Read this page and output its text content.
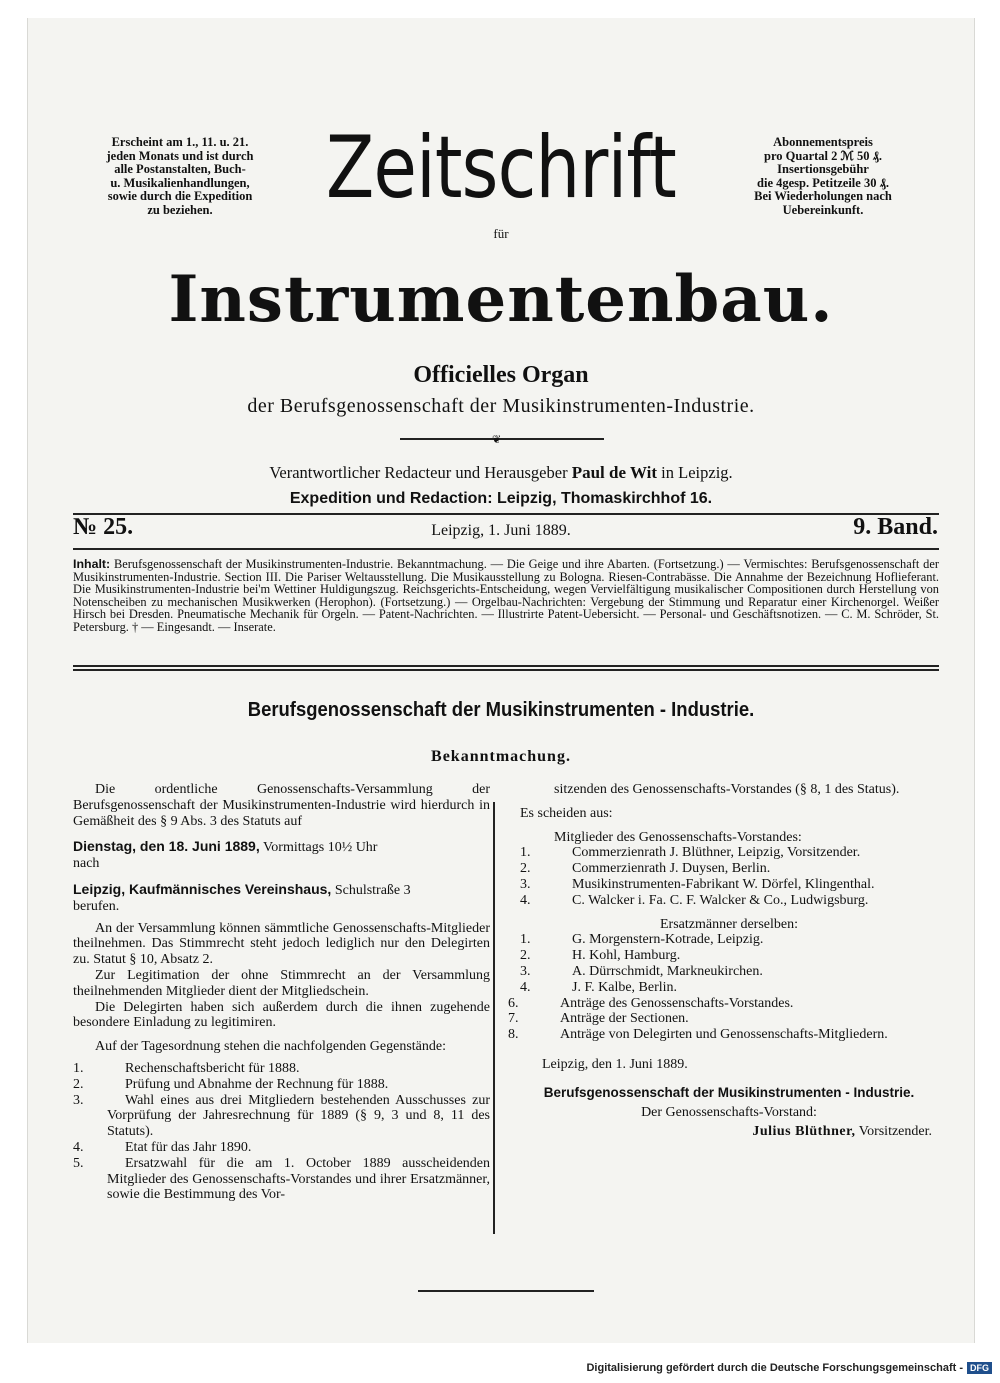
Erscheint am 1., 11. u. 21.
jeden Monats und ist durch
alle Postanstalten, Buch-
u. Musikalienhandlungen,
sowie durch die Expedition
zu beziehen.
Abonnementspreis
pro Quartal 2 ℳ 50 ₰.
Insertionsgebühr
die 4gesp. Petitzeile 30 ₰.
Bei Wiederholungen nach
Uebereinkunft.
Zeitschrift
für
Instrumentenbau.
Officielles Organ
der Berufsgenossenschaft der Musikinstrumenten-Industrie.
❦
Verantwortlicher Redacteur und Herausgeber Paul de Wit in Leipzig.
Expedition und Redaction: Leipzig, Thomaskirchhof 16.
№ 25.	Leipzig, 1. Juni 1889.	9. Band.
Inhalt: Berufsgenossenschaft der Musikinstrumenten-Industrie. Bekanntmachung. — Die Geige und ihre Abarten. (Fortsetzung.) — Vermischtes: Berufsgenossenschaft der Musikinstrumenten-Industrie. Section III. Die Pariser Weltausstellung. Die Musikausstellung zu Bologna. Riesen-Contrabässe. Die Annahme der Bezeichnung Hoflieferant. Die Musikinstrumenten-Industrie bei'm Wettiner Huldigungszug. Reichsgerichts-Entscheidung, wegen Vervielfältigung musikalischer Compositionen durch Herstellung von Notenscheiben zu mechanischen Musikwerken (Herophon). (Fortsetzung.) — Orgelbau-Nachrichten: Vergebung der Stimmung und Reparatur einer Kirchenorgel. Weißer Hirsch bei Dresden. Pneumatische Mechanik für Orgeln. — Patent-Nachrichten. — Illustrirte Patent-Uebersicht. — Personal- und Geschäftsnotizen. — C. M. Schröder, St. Petersburg. † — Eingesandt. — Inserate.
Berufsgenossenschaft der Musikinstrumenten - Industrie.
Bekanntmachung.

Die ordentliche Genossenschafts-Versammlung der Berufsgenossenschaft der Musikinstrumenten-Industrie wird hierdurch in Gemäßheit des § 9 Abs. 3 des Statuts auf

Dienstag, den 18. Juni 1889, Vormittags 10½ Uhr

nach

Leipzig, Kaufmännisches Vereinshaus, Schulstraße 3

berufen.

An der Versammlung können sämmtliche Genossenschafts-Mitglieder theilnehmen. Das Stimmrecht steht jedoch lediglich nur den Delegirten zu. Statut § 10, Absatz 2.

Zur Legitimation der ohne Stimmrecht an der Versammlung theilnehmenden Mitglieder dient der Mitgliedschein.

Die Delegirten haben sich außerdem durch die ihnen zugehende besondere Einladung zu legitimiren.

Auf der Tagesordnung stehen die nachfolgenden Gegenstände:

1.	Rechenschaftsbericht für 1888.

2.	Prüfung und Abnahme der Rechnung für 1888.

3.	Wahl eines aus drei Mitgliedern bestehenden Ausschusses zur Vorprüfung der Jahresrechnung für 1889 (§ 9, 3 und 8, 11 des Statuts).

4.	Etat für das Jahr 1890.

5.	Ersatzwahl für die am 1. October 1889 ausscheidenden Mitglieder des Genossenschafts-Vorstandes und ihrer Ersatzmänner, sowie die Bestimmung des Vor-

sitzenden des Genossenschafts-Vorstandes (§ 8, 1 des Status).

Es scheiden aus:

Mitglieder des Genossenschafts-Vorstandes:

1.	Commerzienrath J. Blüthner, Leipzig, Vorsitzender.

2.	Commerzienrath J. Duysen, Berlin.

3.	Musikinstrumenten-Fabrikant W. Dörfel, Klingenthal.

4.	C. Walcker i. Fa. C. F. Walcker & Co., Ludwigsburg.

Ersatzmänner derselben:

1.	G. Morgenstern-Kotrade, Leipzig.

2.	H. Kohl, Hamburg.

3.	A. Dürrschmidt, Markneukirchen.

4.	J. F. Kalbe, Berlin.

6.	Anträge des Genossenschafts-Vorstandes.

7.	Anträge der Sectionen.

8.	Anträge von Delegirten und Genossenschafts-Mitgliedern.

Leipzig, den 1. Juni 1889.

Berufsgenossenschaft der Musikinstrumenten - Industrie.

Der Genossenschafts-Vorstand:

Julius Blüthner, Vorsitzender.

Digitalisierung gefördert durch die Deutsche Forschungsgemeinschaft - DFG
